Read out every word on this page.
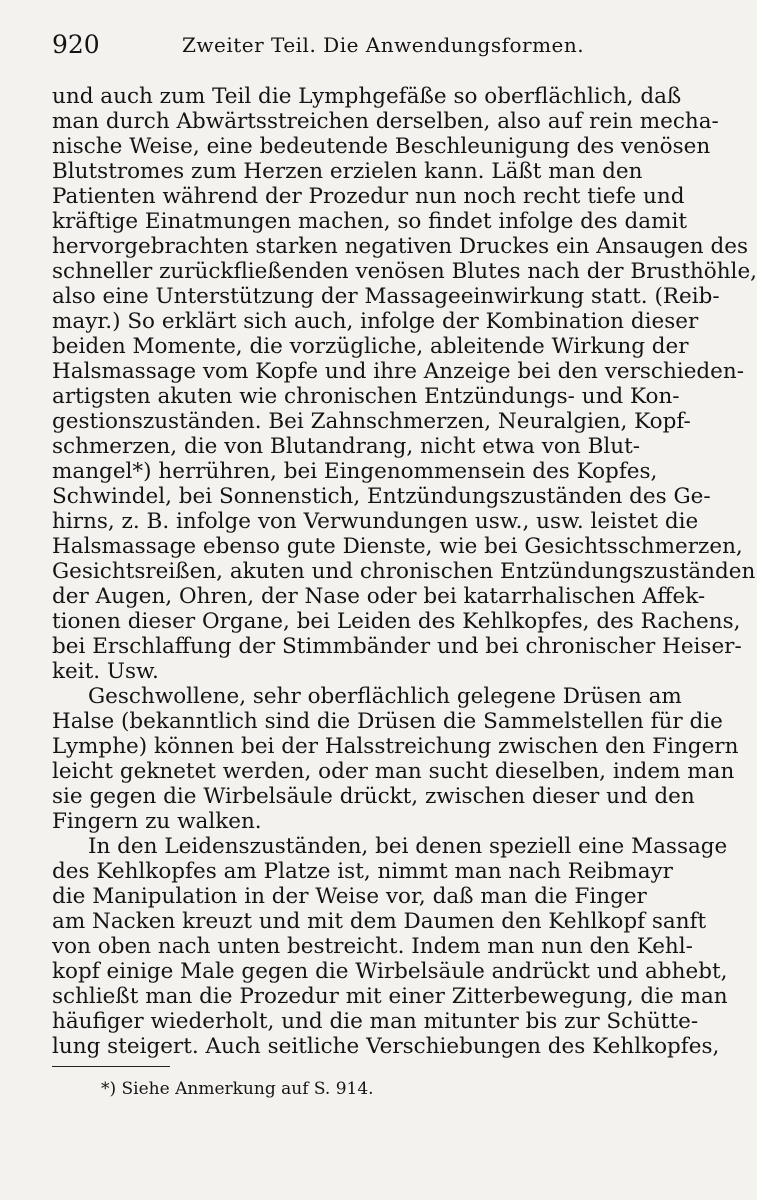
920	Zweiter Teil. Die Anwendungsformen.
und auch zum Teil die Lymphgefäße so oberflächlich, daß
man durch Abwärtsstreichen derselben, also auf rein mecha-
nische Weise, eine bedeutende Beschleunigung des venösen
Blutstromes zum Herzen erzielen kann. Läßt man den
Patienten während der Prozedur nun noch recht tiefe und
kräftige Einatmungen machen, so findet infolge des damit
hervorgebrachten starken negativen Druckes ein Ansaugen des
schneller zurückfließenden venösen Blutes nach der Brusthöhle,
also eine Unterstützung der Massageeinwirkung statt. (Reib-
mayr.) So erklärt sich auch, infolge der Kombination dieser
beiden Momente, die vorzügliche, ableitende Wirkung der
Halsmassage vom Kopfe und ihre Anzeige bei den verschieden-
artigsten akuten wie chronischen Entzündungs- und Kon-
gestionszuständen. Bei Zahnschmerzen, Neuralgien, Kopf-
schmerzen, die von Blutandrang, nicht etwa von Blut-
mangel*) herrühren, bei Eingenommensein des Kopfes,
Schwindel, bei Sonnenstich, Entzündungszuständen des Ge-
hirns, z. B. infolge von Verwundungen usw., usw. leistet die
Halsmassage ebenso gute Dienste, wie bei Gesichtsschmerzen,
Gesichtsreißen, akuten und chronischen Entzündungszuständen
der Augen, Ohren, der Nase oder bei katarrhalischen Affek-
tionen dieser Organe, bei Leiden des Kehlkopfes, des Rachens,
bei Erschlaffung der Stimmbänder und bei chronischer Heiser-
keit. Usw.
Geschwollene, sehr oberflächlich gelegene Drüsen am
Halse (bekanntlich sind die Drüsen die Sammelstellen für die
Lymphe) können bei der Halsstreichung zwischen den Fingern
leicht geknetet werden, oder man sucht dieselben, indem man
sie gegen die Wirbelsäule drückt, zwischen dieser und den
Fingern zu walken.
In den Leidenszuständen, bei denen speziell eine Massage
des Kehlkopfes am Platze ist, nimmt man nach Reibmayr
die Manipulation in der Weise vor, daß man die Finger
am Nacken kreuzt und mit dem Daumen den Kehlkopf sanft
von oben nach unten bestreicht. Indem man nun den Kehl-
kopf einige Male gegen die Wirbelsäule andrückt und abhebt,
schließt man die Prozedur mit einer Zitterbewegung, die man
häufiger wiederholt, und die man mitunter bis zur Schütte-
lung steigert. Auch seitliche Verschiebungen des Kehlkopfes,
*) Siehe Anmerkung auf S. 914.
